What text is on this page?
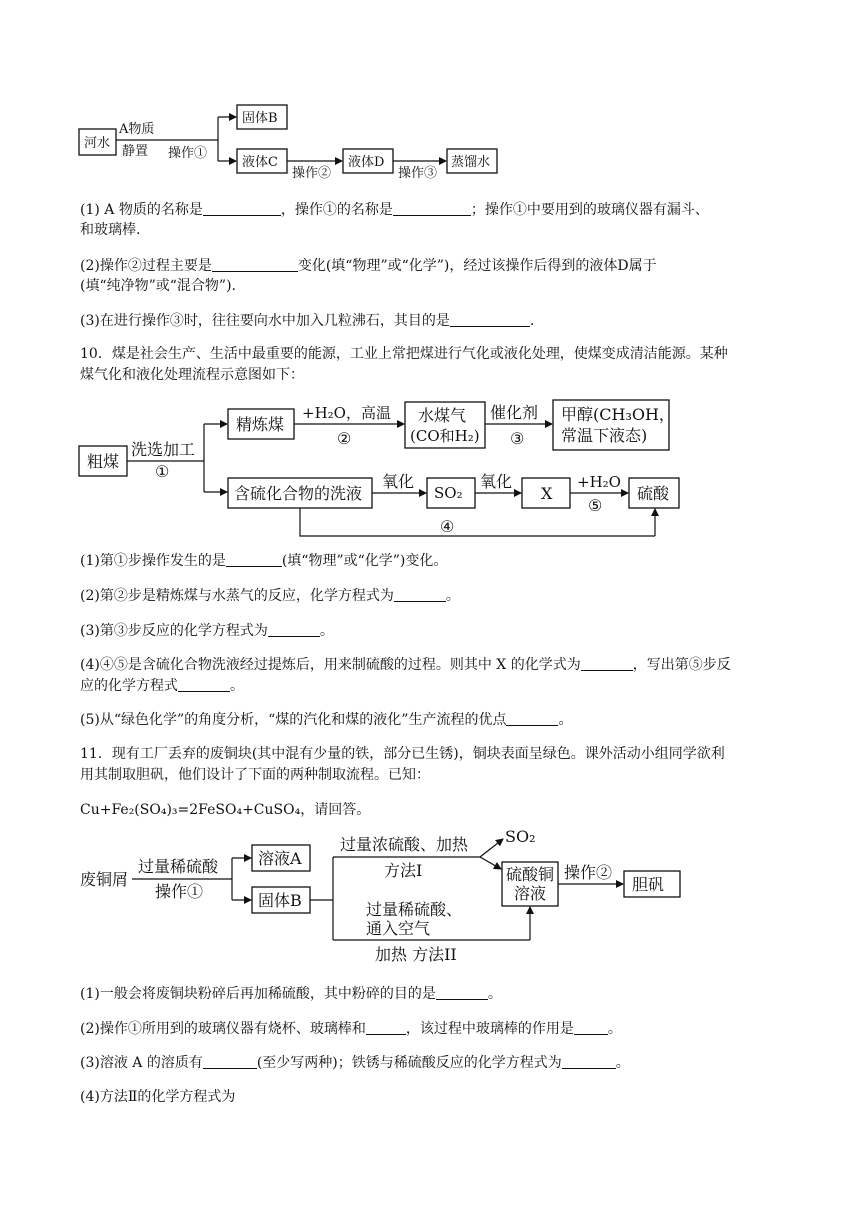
河水
A物质
静置 操作①
固体B
液体C
操作②
液体D
操作③
蒸馏水
粗煤
洗选加工
①
精炼煤
+H₂O，高温
②
水煤气
(CO和H₂)
催化剂
③
甲醇(CH₃OH，
常温下液态)
含硫化合物的洗液
氧化
SO₂
氧化
X
+H₂O
⑤
硫酸
④
废铜屑
过量稀硫酸
操作①
溶液A
固体B
过量浓硫酸、加热
方法I
SO₂
硫酸铜
溶液
过量稀硫酸、
通入空气
加热 方法II
操作②
胆矾
(1) A 物质的名称是	，操作①的名称是	；操作①中要用到的玻璃仪器有漏斗、
和玻璃棒.
(2)操作②过程主要是	变化(填“物理”或“化学”)，经过该操作后得到的液体D属于
(填“纯净物”或“混合物”).
(3)在进行操作③时，往往要向水中加入几粒沸石，其目的是	.
10．煤是社会生产、生活中最重要的能源，工业上常把煤进行气化或液化处理，使煤变成清洁能源。某种
煤气化和液化处理流程示意图如下：
(1)第①步操作发生的是	(填“物理”或“化学”)变化。
(2)第②步是精炼煤与水蒸气的反应，化学方程式为	。
(3)第③步反应的化学方程式为	。
(4)④⑤是含硫化合物洗液经过提炼后，用来制硫酸的过程。则其中 X 的化学式为	，写出第⑤步反
应的化学方程式	。
(5)从“绿色化学”的角度分析，“煤的汽化和煤的液化”生产流程的优点	。
11．现有工厂丢弃的废铜块(其中混有少量的铁，部分已生锈)，铜块表面呈绿色。课外活动小组同学欲利
用其制取胆矾，他们设计了下面的两种制取流程。已知：
Cu+Fe₂(SO₄)₃=2FeSO₄+CuSO₄，请回答。
(1)一般会将废铜块粉碎后再加稀硫酸，其中粉碎的目的是	。
(2)操作①所用到的玻璃仪器有烧杯、玻璃棒和	，该过程中玻璃棒的作用是 。
(3)溶液 A 的溶质有	(至少写两种)；铁锈与稀硫酸反应的化学方程式为	。
(4)方法Ⅱ的化学方程式为
